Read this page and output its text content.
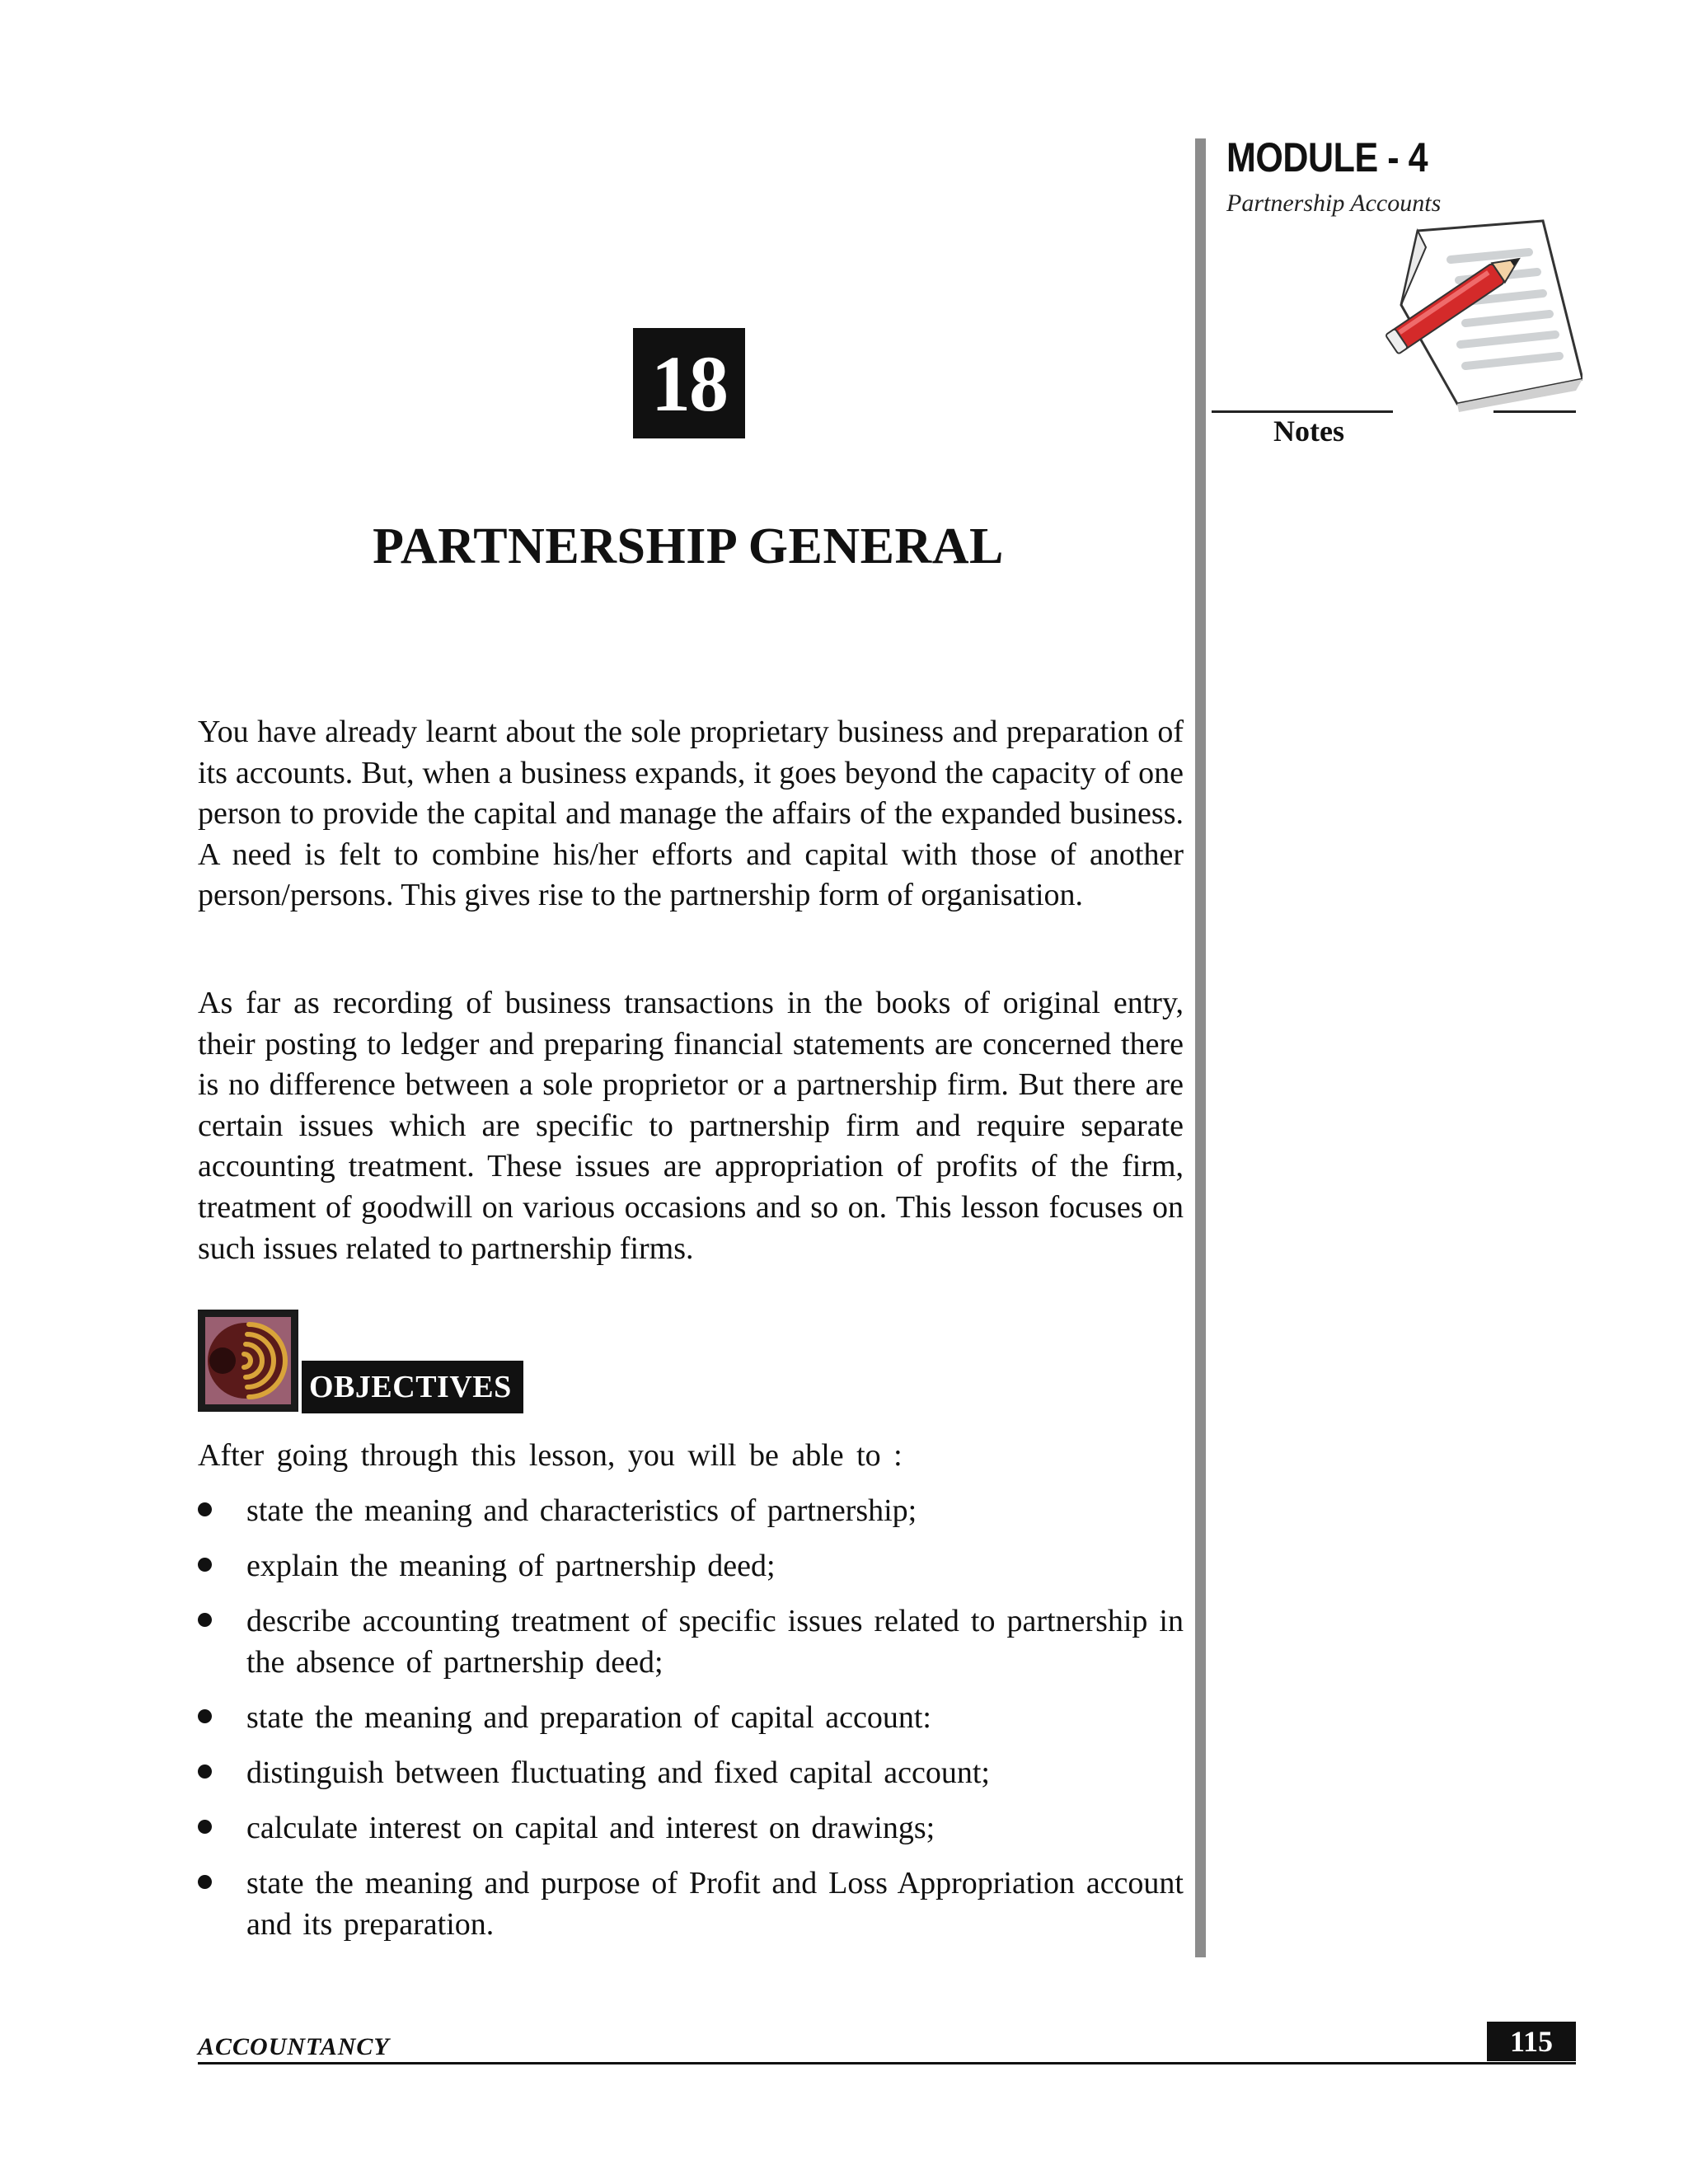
MODULE - 4

Partnership Accounts

Notes

18
PARTNERSHIP GENERAL

You have already learnt about the sole proprietary business and preparation of its accounts. But, when a business expands, it goes beyond the capacity of one person to provide the capital and manage the affairs of the expanded business. A need is felt to combine his/her efforts and capital with those of another person/persons. This gives rise to the partnership form of organisation.

As far as recording of business transactions in the books of original entry, their posting to ledger and preparing financial statements are concerned there is no difference between a sole proprietor or a partnership firm. But there are certain issues which are specific to partnership firm and require separate accounting treatment. These issues are appropriation of profits of the firm, treatment of goodwill on various occasions and so on. This lesson focuses on such issues related to partnership firms.

OBJECTIVES

After going through this lesson, you will be able to :

state the meaning and characteristics of partnership;
explain the meaning of partnership deed;
describe accounting treatment of specific issues related to partnership in the absence of partnership deed;
state the meaning and preparation of capital account:
distinguish between fluctuating and fixed capital account;
calculate interest on capital and interest on drawings;
state the meaning and purpose of Profit and Loss Appropriation account and its preparation.

ACCOUNTANCY	115
